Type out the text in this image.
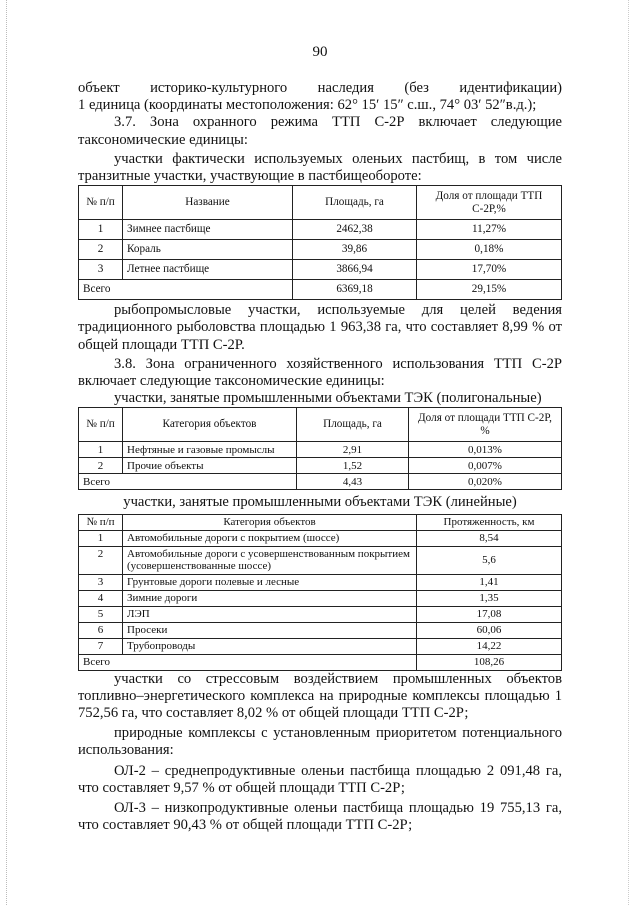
90

объект историко-культурного наследия (без идентификации)

1 единица (координаты местоположения: 62° 15′ 15″ с.ш., 74° 03′ 52″в.д.);

3.7. Зона охранного режима ТТП С-2Р включает следующие таксономические единицы:

участки фактически используемых оленьих пастбищ, в том числе транзитные участки, участвующие в пастбищеобороте:

№ п/п	Название	Площадь, га	Доля от площади ТТП С-2Р,%
1	Зимнее пастбище	2462,38	11,27%
2	Кораль	39,86	0,18%
3	Летнее пастбище	3866,94	17,70%
Всего		6369,18	29,15%

рыбопромысловые участки, используемые для целей ведения традиционного рыболовства площадью 1 963,38 га, что составляет 8,99 % от общей площади ТТП С-2Р.

3.8. Зона ограниченного хозяйственного использования ТТП С-2Р включает следующие таксономические единицы:

участки, занятые промышленными объектами ТЭК (полигональные)

№ п/п	Категория объектов	Площадь, га	Доля от площади ТТП С-2Р, %
1	Нефтяные и газовые промыслы	2,91	0,013%
2	Прочие объекты	1,52	0,007%
Всего		4,43	0,020%

участки, занятые промышленными объектами ТЭК (линейные)

№ п/п	Категория объектов	Протяженность, км
1	Автомобильные дороги с покрытием (шоссе)	8,54
2	Автомобильные дороги с усовершенствованным покрытием (усовершенствованные шоссе)	5,6
3	Грунтовые дороги полевые и лесные	1,41
4	Зимние дороги	1,35
5	ЛЭП	17,08
6	Просеки	60,06
7	Трубопроводы	14,22
Всего		108,26

участки со стрессовым воздействием промышленных объектов топливно–энергетического комплекса на природные комплексы площадью 1 752,56 га, что составляет 8,02 % от общей площади ТТП С-2Р;

природные комплексы с установленным приоритетом потенциального использования:

ОЛ-2 – среднепродуктивные оленьи пастбища площадью 2 091,48 га, что составляет 9,57 % от общей площади ТТП С-2Р;

ОЛ-3 – низкопродуктивные оленьи пастбища площадью 19 755,13 га, что составляет 90,43 % от общей площади ТТП С-2Р;
